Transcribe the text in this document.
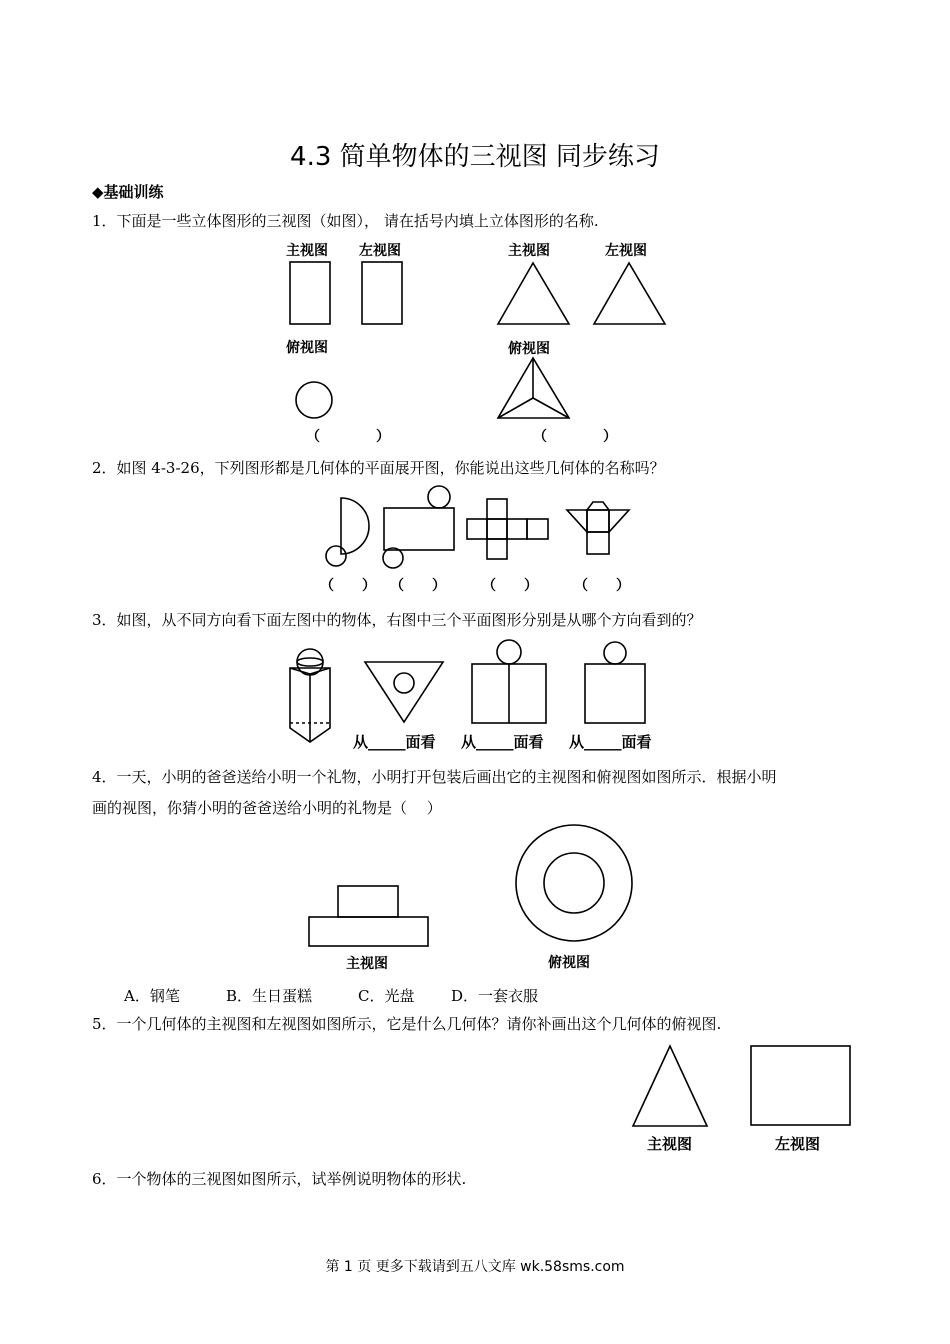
4.3 简单物体的三视图 同步练习
◆基础训练
1．下面是一些立体图形的三视图（如图）， 请在括号内填上立体图形的名称.
主视图 左视图	主视图	左视图
俯视图	俯视图
（　　　　）	（　　　　）
2．如图 4-3-26，下列图形都是几何体的平面展开图，你能说出这些几何体的名称吗？
（　　） （　　）	（　　）	（　　）
3．如图，从不同方向看下面左图中的物体，右图中三个平面图形分别是从哪个方向看到的？
从_____面看 从_____面看 从_____面看
4．一天，小明的爸爸送给小明一个礼物，小明打开包装后画出它的主视图和俯视图如图所示．根据小明
画的视图，你猜小明的爸爸送给小明的礼物是（　 ）
主视图	俯视图
A．钢笔	B．生日蛋糕	C．光盘 D．一套衣服
5．一个几何体的主视图和左视图如图所示，它是什么几何体？请你补画出这个几何体的俯视图.
主视图	左视图
6．一个物体的三视图如图所示，试举例说明物体的形状.
第 1 页 更多下载请到五八文库 wk.58sms.com
